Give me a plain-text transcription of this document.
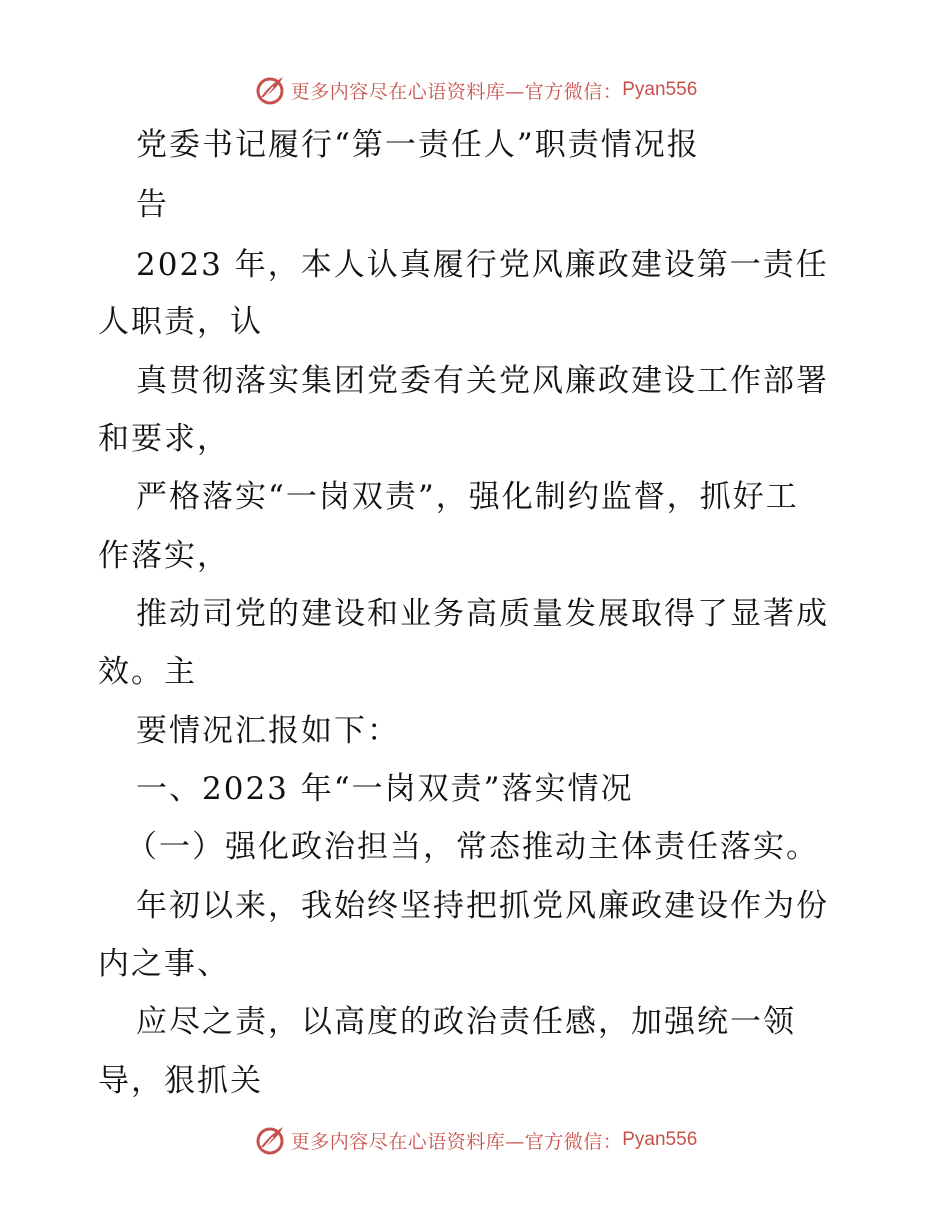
更多内容尽在心语资料库—官方微信： Pyan556
党委书记履行“第一责任人”职责情况报
告
2023 年，本人认真履行党风廉政建设第一责任
人职责，认
真贯彻落实集团党委有关党风廉政建设工作部署
和要求，
严格落实“一岗双责”，强化制约监督，抓好工
作落实，
推动司党的建设和业务高质量发展取得了显著成
效。主
要情况汇报如下：
一、2023 年“一岗双责”落实情况
（一）强化政治担当，常态推动主体责任落实。
年初以来，我始终坚持把抓党风廉政建设作为份
内之事、
应尽之责，以高度的政治责任感，加强统一领
导，狠抓关
更多内容尽在心语资料库—官方微信： Pyan556
